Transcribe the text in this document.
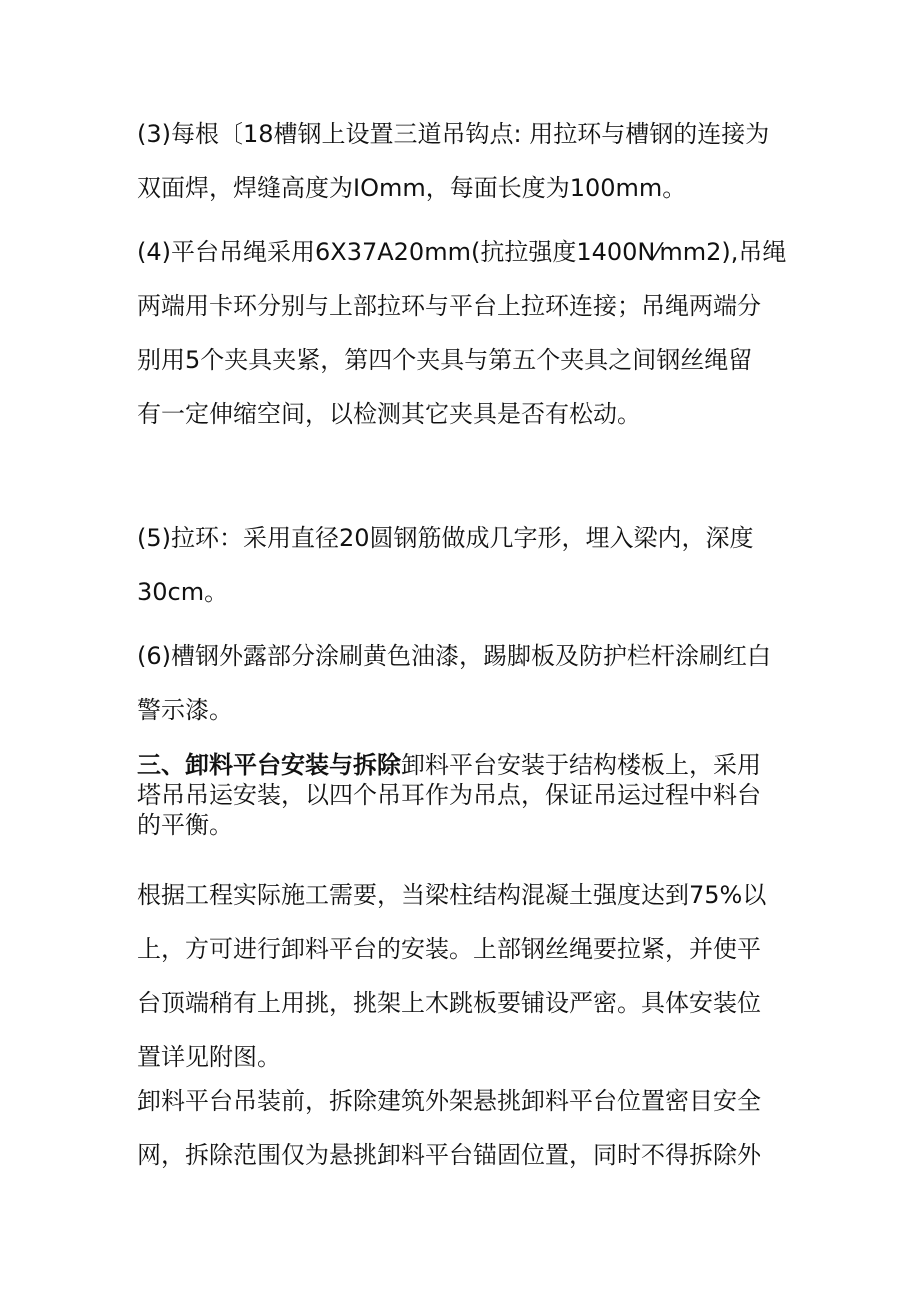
(3)每根〔18槽钢上设置三道吊钩点: 用拉环与槽钢的连接为
双面焊，焊缝高度为IOmm，每面长度为100mm。
(4)平台吊绳采用6X37A20mm(抗拉强度1400N⁄mm2),吊绳
两端用卡环分别与上部拉环与平台上拉环连接；吊绳两端分
别用5个夹具夹紧，第四个夹具与第五个夹具之间钢丝绳留
有一定伸缩空间，以检测其它夹具是否有松动。
(5)拉环：采用直径20圆钢筋做成几字形，埋入梁内，深度
30cm。
(6)槽钢外露部分涂刷黄色油漆，踢脚板及防护栏杆涂刷红白
警示漆。
三、卸料平台安装与拆除卸料平台安装于结构楼板上，采用
塔吊吊运安装，以四个吊耳作为吊点，保证吊运过程中料台
的平衡。
根据工程实际施工需要，当梁柱结构混凝土强度达到75%以
上，方可进行卸料平台的安装。上部钢丝绳要拉紧，并使平
台顶端稍有上用挑，挑架上木跳板要铺设严密。具体安装位
置详见附图。
卸料平台吊装前，拆除建筑外架悬挑卸料平台位置密目安全
网，拆除范围仅为悬挑卸料平台锚固位置，同时不得拆除外
